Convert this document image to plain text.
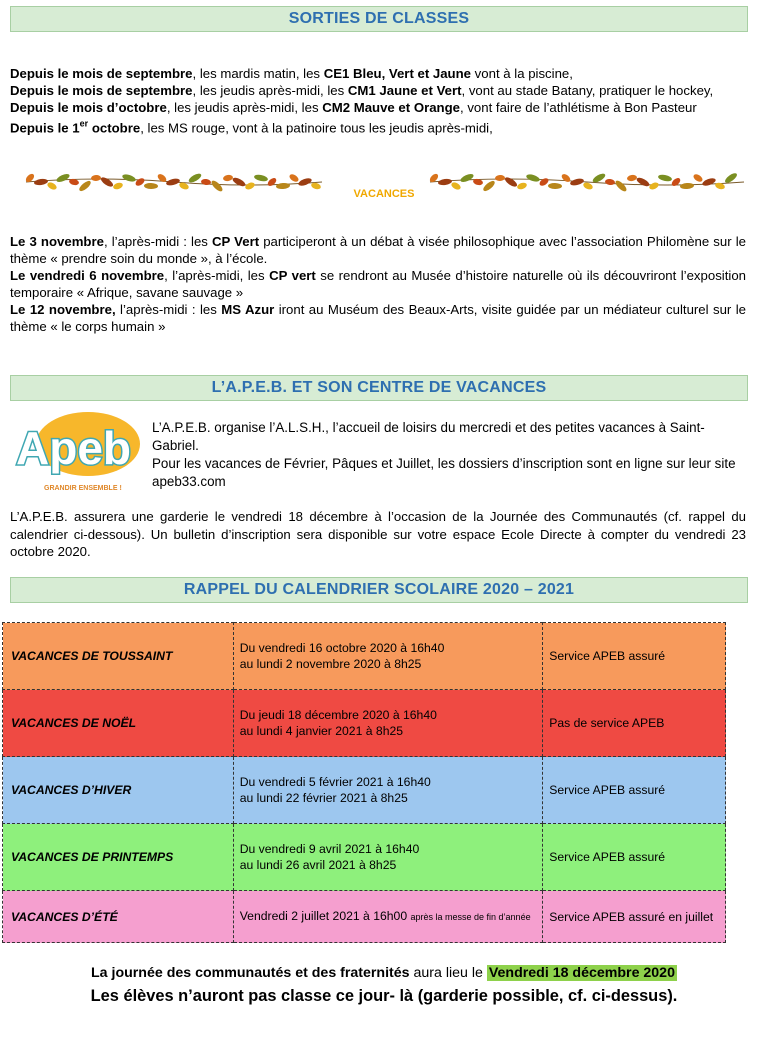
SORTIES DE CLASSES

Depuis le mois de septembre, les mardis matin, les CE1 Bleu, Vert et Jaune vont à la piscine,

Depuis le mois de septembre, les jeudis après-midi, les CM1 Jaune et Vert, vont au stade Batany, pratiquer le hockey,

Depuis le mois d’octobre, les jeudis après-midi, les CM2 Mauve et Orange, vont faire de l’athlétisme à Bon Pasteur

Depuis le 1er octobre, les MS rouge, vont à la patinoire tous les jeudis après-midi,

VACANCES

Le 3 novembre, l’après-midi : les CP Vert participeront à un débat à visée philosophique avec l’association Philomène sur le thème « prendre soin du monde », à l’école.

Le vendredi 6 novembre, l’après-midi, les CP vert se rendront au Musée d’histoire naturelle où ils découvriront l’exposition temporaire « Afrique, savane sauvage »

Le 12 novembre, l’après-midi : les MS Azur iront au Muséum des Beaux-Arts, visite guidée par un médiateur culturel sur le thème « le corps humain »

L’A.P.E.B. ET SON CENTRE DE VACANCES
Apeb
GRANDIR ENSEMBLE !

L’A.P.E.B. organise l’A.L.S.H., l’accueil de loisirs du mercredi et des petites vacances à Saint-Gabriel.

Pour les vacances de Février, Pâques et Juillet, les dossiers d’inscription sont en ligne sur leur site

apeb33.com

L’A.P.E.B. assurera une garderie le vendredi 18 décembre à l’occasion de la Journée des Communautés (cf. rappel du calendrier ci-dessous). Un bulletin d’inscription sera disponible sur votre espace Ecole Directe à compter du vendredi 23 octobre 2020.

RAPPEL DU CALENDRIER SCOLAIRE 2020 – 2021
VACANCES DE TOUSSAINT	Du vendredi 16 octobre 2020 à 16h40
au lundi 2 novembre 2020 à 8h25	Service APEB assuré
VACANCES DE NOËL	Du jeudi 18 décembre 2020 à 16h40
au lundi 4 janvier 2021 à 8h25	Pas de service APEB
VACANCES D’HIVER	Du vendredi 5 février 2021 à 16h40
au lundi 22 février 2021 à 8h25	Service APEB assuré
VACANCES DE PRINTEMPS	Du vendredi 9 avril 2021 à 16h40
au lundi 26 avril 2021 à 8h25	Service APEB assuré
VACANCES D’ÉTÉ	Vendredi 2 juillet 2021 à 16h00 après la messe de fin d’année	Service APEB assuré en juillet
La journée des communautés et des fraternités aura lieu le Vendredi 18 décembre 2020
Les élèves n’auront pas classe ce jour- là (garderie possible, cf. ci-dessus).
